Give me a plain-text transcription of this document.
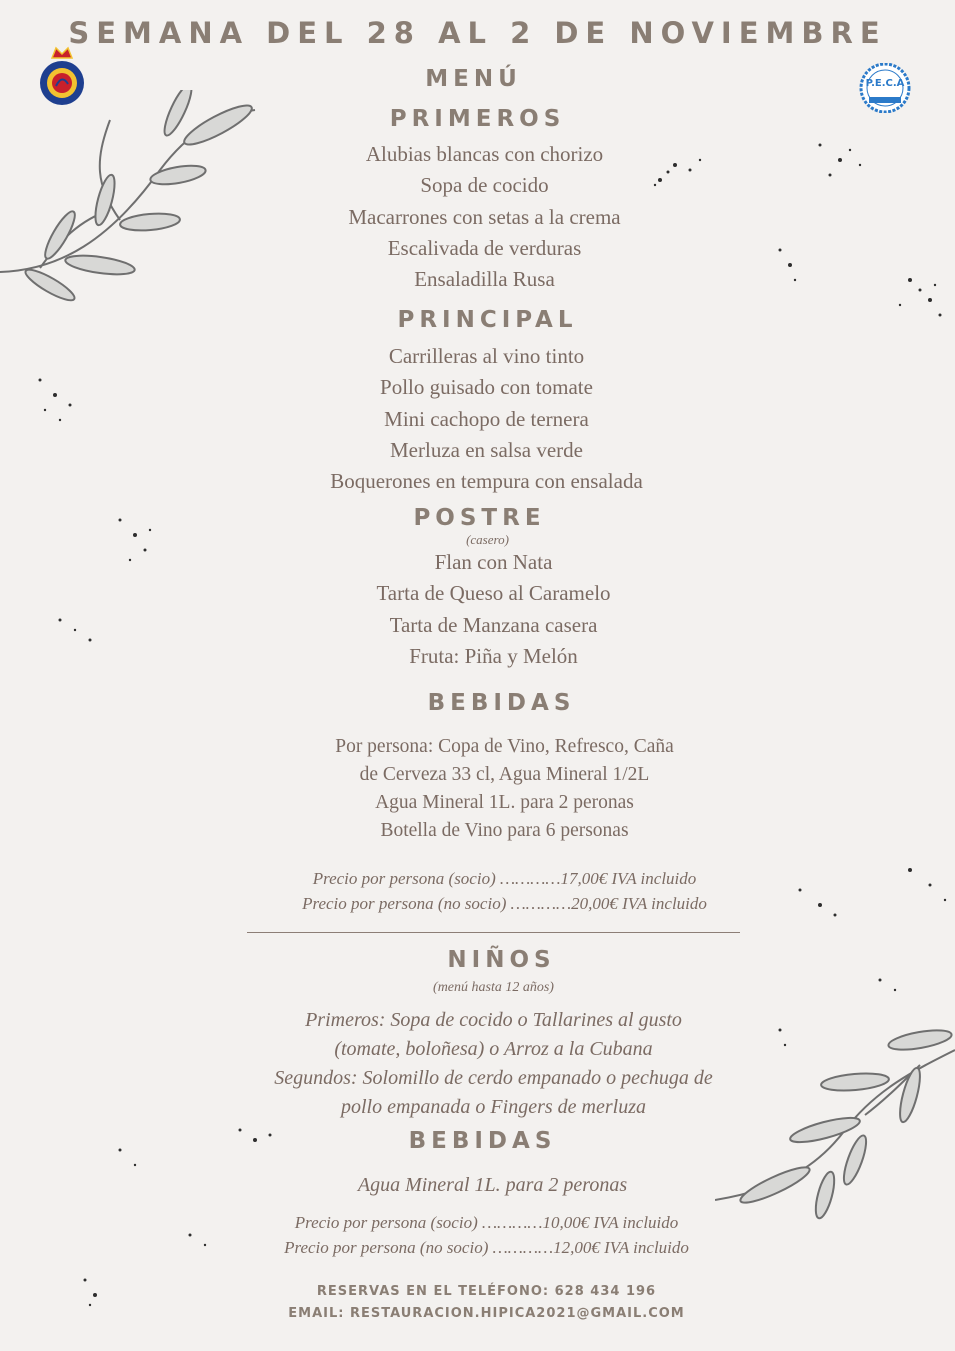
P.E.C.A
SEMANA DEL 28 AL 2 DE NOVIEMBRE
MENÚ
PRIMEROS
Alubias blancas con chorizo
Sopa de cocido
Macarrones con setas a la crema
Escalivada de verduras
Ensaladilla Rusa
PRINCIPAL
Carrilleras al vino tinto
Pollo guisado con tomate
Mini cachopo de ternera
Merluza en salsa verde
Boquerones en tempura con ensalada
POSTRE
(casero)
Flan con Nata
Tarta de Queso al Caramelo
Tarta de Manzana casera
Fruta: Piña y Melón
BEBIDAS
Por persona: Copa de Vino, Refresco, Caña
de Cerveza 33 cl, Agua Mineral 1/2L
Agua Mineral 1L. para 2 peronas
Botella de Vino para 6 personas
Precio por persona (socio) …………17,00€ IVA incluido
Precio por persona (no socio) …………20,00€ IVA incluido
NIÑOS
(menú hasta 12 años)
Primeros: Sopa de cocido o Tallarines al gusto
(tomate, boloñesa) o Arroz a la Cubana
Segundos: Solomillo de cerdo empanado o pechuga de
pollo empanada o Fingers de merluza
BEBIDAS
Agua Mineral 1L. para 2 peronas
Precio por persona (socio) …………10,00€ IVA incluido
Precio por persona (no socio) …………12,00€ IVA incluido
RESERVAS EN EL TELÉFONO: 628 434 196
EMAIL: RESTAURACION.HIPICA2021@GMAIL.COM
